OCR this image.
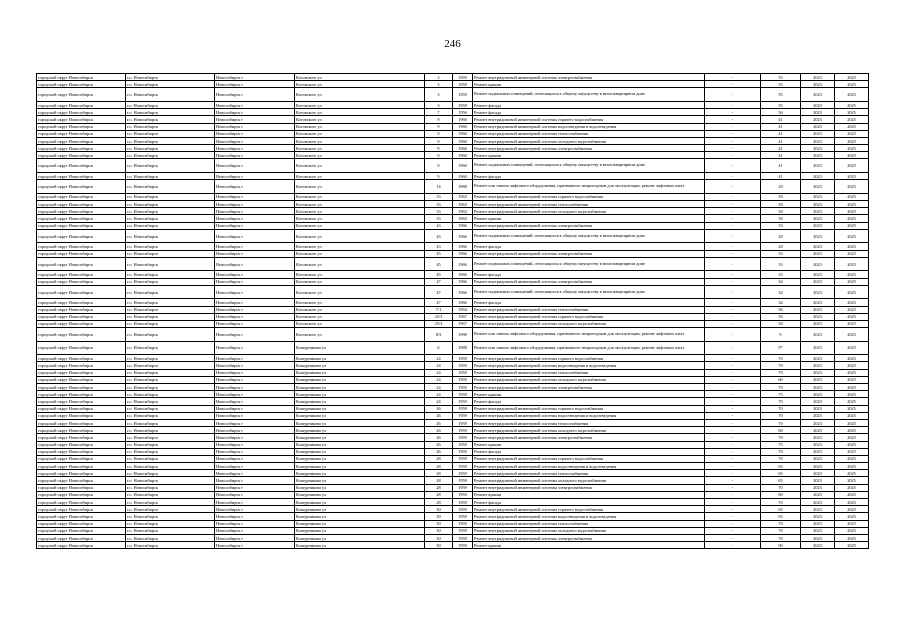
246
городской округ Новосибирск	г.о. Новосибирск	Новосибирск г	Котовского ул	3	1959	Ремонт внутридомовой инженерной системы электроснабжения	-	55	2023	2025
городской округ Новосибирск	г.о. Новосибирск	Новосибирск г	Котовского ул	3	1959	Ремонт крыши	-	55	2023	2025
городской округ Новосибирск	г.о. Новосибирск	Новосибирск г	Котовского ул	3	1959	Ремонт подвальных помещений, относящихся к общему имуществу в многоквартирном доме	-	55	2023	2025
городской округ Новосибирск	г.о. Новосибирск	Новосибирск г	Котовского ул	3	1959	Ремонт фасада	-	55	2023	2025
городской округ Новосибирск	г.о. Новосибирск	Новосибирск г	Котовского ул	7	1956	Ремонт фасада	-	56	2023	2025
городской округ Новосибирск	г.о. Новосибирск	Новосибирск г	Котовского ул	9	1960	Ремонт внутридомовой инженерной системы горячего водоснабжения	-	41	2023	2025
городской округ Новосибирск	г.о. Новосибирск	Новосибирск г	Котовского ул	9	1960	Ремонт внутридомовой инженерной системы водоотведения и водоотведения	-	41	2023	2025
городской округ Новосибирск	г.о. Новосибирск	Новосибирск г	Котовского ул	9	1960	Ремонт внутридомовой инженерной системы теплоснабжения	-	41	2023	2025
городской округ Новосибирск	г.о. Новосибирск	Новосибирск г	Котовского ул	9	1960	Ремонт внутридомовой инженерной системы холодного водоснабжения	-	41	2023	2025
городской округ Новосибирск	г.о. Новосибирск	Новосибирск г	Котовского ул	9	1960	Ремонт внутридомовой инженерной системы электроснабжения	-	41	2023	2025
городской округ Новосибирск	г.о. Новосибирск	Новосибирск г	Котовского ул	9	1960	Ремонт крыши	-	41	2023	2025
городской округ Новосибирск	г.о. Новосибирск	Новосибирск г	Котовского ул	9	1960	Ремонт подвальных помещений, относящихся к общему имуществу в многоквартирном доме	-	41	2023	2025
городской округ Новосибирск	г.о. Новосибирск	Новосибирск г	Котовского ул	9	1960	Ремонт фасада	-	41	2023	2025
городской округ Новосибирск	г.о. Новосибирск	Новосибирск г	Котовского ул	14	1988	Ремонт или замена лифтового оборудования, признанного непригодным для эксплуатации, ремонт лифтовых шахт	-	20	2023	2025
городской округ Новосибирск	г.о. Новосибирск	Новосибирск г	Котовского ул	33	1963	Ремонт внутридомовой инженерной системы горячего водоснабжения	-	30	2023	2025
городской округ Новосибирск	г.о. Новосибирск	Новосибирск г	Котовского ул	33	1963	Ремонт внутридомовой инженерной системы теплоснабжения	-	30	2023	2025
городской округ Новосибирск	г.о. Новосибирск	Новосибирск г	Котовского ул	33	1963	Ремонт внутридомовой инженерной системы холодного водоснабжения	-	30	2023	2025
городской округ Новосибирск	г.о. Новосибирск	Новосибирск г	Котовского ул	33	1963	Ремонт крыши	-	30	2023	2025
городской округ Новосибирск	г.о. Новосибирск	Новосибирск г	Котовского ул	43	1966	Ремонт внутридомовой инженерной системы электроснабжения	-	33	2023	2025
городской округ Новосибирск	г.о. Новосибирск	Новосибирск г	Котовского ул	43	1966	Ремонт подвальных помещений, относящихся к общему имуществу в многоквартирном доме	-	28	2023	2025
городской округ Новосибирск	г.о. Новосибирск	Новосибирск г	Котовского ул	43	1966	Ремонт фасада	-	20	2023	2025
городской округ Новосибирск	г.о. Новосибирск	Новосибирск г	Котовского ул	45	1966	Ремонт внутридомовой инженерной системы электроснабжения	-	33	2023	2025
городской округ Новосибирск	г.о. Новосибирск	Новосибирск г	Котовского ул	45	1966	Ремонт подвальных помещений, относящихся к общему имуществу в многоквартирном доме	-	33	2023	2025
городской округ Новосибирск	г.о. Новосибирск	Новосибирск г	Котовского ул	45	1966	Ремонт фасада	-	33	2023	2025
городской округ Новосибирск	г.о. Новосибирск	Новосибирск г	Котовского ул	47	1966	Ремонт внутридомовой инженерной системы электроснабжения	-	34	2023	2025
городской округ Новосибирск	г.о. Новосибирск	Новосибирск г	Котовского ул	47	1966	Ремонт подвальных помещений, относящихся к общему имуществу в многоквартирном доме	-	34	2023	2025
городской округ Новосибирск	г.о. Новосибирск	Новосибирск г	Котовского ул	47	1966	Ремонт фасада	-	34	2023	2025
городской округ Новосибирск	г.о. Новосибирск	Новосибирск г	Котовского ул	7/1	1954	Ремонт внутридомовой инженерной системы теплоснабжения	-	56	2023	2025
городской округ Новосибирск	г.о. Новосибирск	Новосибирск г	Котовского ул	25/3	1967	Ремонт внутридомовой инженерной системы горячего водоснабжения	-	50	2023	2025
городской округ Новосибирск	г.о. Новосибирск	Новосибирск г	Котовского ул	25/3	1967	Ремонт внутридомовой инженерной системы холодного водоснабжения	-	50	2023	2025
городской округ Новосибирск	г.о. Новосибирск	Новосибирск г	Котовского ул	8/3	1990	Ремонт или замена лифтового оборудования, признанного непригодным для эксплуатации, ремонт лифтовых шахт	-	9	2023	2025
городской округ Новосибирск	г.о. Новосибирск	Новосибирск г	Кошурникова ул	6	1988	Ремонт или замена лифтового оборудования, признанного непригодным для эксплуатации, ремонт лифтовых шахт	-	9*	2023	2025
городской округ Новосибирск	г.о. Новосибирск	Новосибирск г	Кошурникова ул	24	1959	Ремонт внутридомовой инженерной системы горячего водоснабжения	-	70	2023	2025
городской округ Новосибирск	г.о. Новосибирск	Новосибирск г	Кошурникова ул	24	1959	Ремонт внутридомовой инженерной системы водоотведения и водоотведения	-	70	2023	2025
городской округ Новосибирск	г.о. Новосибирск	Новосибирск г	Кошурникова ул	24	1959	Ремонт внутридомовой инженерной системы теплоснабжения	-	70	2023	2025
городской округ Новосибирск	г.о. Новосибирск	Новосибирск г	Кошурникова ул	24	1959	Ремонт внутридомовой инженерной системы холодного водоснабжения	-	60	2023	2025
городской округ Новосибирск	г.о. Новосибирск	Новосибирск г	Кошурникова ул	24	1959	Ремонт внутридомовой инженерной системы электроснабжения	-	70	2023	2025
городской округ Новосибирск	г.о. Новосибирск	Новосибирск г	Кошурникова ул	24	1959	Ремонт крыши	-	75	2023	2025
городской округ Новосибирск	г.о. Новосибирск	Новосибирск г	Кошурникова ул	24	1959	Ремонт фасада	-	70	2023	2025
городской округ Новосибирск	г.о. Новосибирск	Новосибирск г	Кошурникова ул	26	1959	Ремонт внутридомовой инженерной системы горячего водоснабжения	-	70	2023	2025
городской округ Новосибирск	г.о. Новосибирск	Новосибирск г	Кошурникова ул	26	1959	Ремонт внутридомовой инженерной системы водоотведения и водоотведения	-	70	2023	2025
городской округ Новосибирск	г.о. Новосибирск	Новосибирск г	Кошурникова ул	26	1959	Ремонт внутридомовой инженерной системы теплоснабжения	-	70	2023	2025
городской округ Новосибирск	г.о. Новосибирск	Новосибирск г	Кошурникова ул	26	1959	Ремонт внутридомовой инженерной системы холодного водоснабжения	-	60	2023	2025
городской округ Новосибирск	г.о. Новосибирск	Новосибирск г	Кошурникова ул	26	1959	Ремонт внутридомовой инженерной системы электроснабжения	-	70	2023	2025
городской округ Новосибирск	г.о. Новосибирск	Новосибирск г	Кошурникова ул	26	1959	Ремонт крыши	-	75	2023	2025
городской округ Новосибирск	г.о. Новосибирск	Новосибирск г	Кошурникова ул	26	1959	Ремонт фасада	-	70	2023	2025
городской округ Новосибирск	г.о. Новосибирск	Новосибирск г	Кошурникова ул	28	1959	Ремонт внутридомовой инженерной системы горячего водоснабжения	-	70	2023	2025
городской округ Новосибирск	г.о. Новосибирск	Новосибирск г	Кошурникова ул	28	1959	Ремонт внутридомовой инженерной системы водоотведения и водоотведения	-	65	2023	2025
городской округ Новосибирск	г.о. Новосибирск	Новосибирск г	Кошурникова ул	28	1959	Ремонт внутридомовой инженерной системы теплоснабжения	-	65	2023	2025
городской округ Новосибирск	г.о. Новосибирск	Новосибирск г	Кошурникова ул	28	1959	Ремонт внутридомовой инженерной системы холодного водоснабжения	-	65	2023	2025
городской округ Новосибирск	г.о. Новосибирск	Новосибирск г	Кошурникова ул	28	1959	Ремонт внутридомовой инженерной системы электроснабжения	-	70	2023	2025
городской округ Новосибирск	г.о. Новосибирск	Новосибирск г	Кошурникова ул	28	1959	Ремонт крыши	-	80	2023	2025
городской округ Новосибирск	г.о. Новосибирск	Новосибирск г	Кошурникова ул	28	1959	Ремонт фасада	-	70	2023	2025
городской округ Новосибирск	г.о. Новосибирск	Новосибирск г	Кошурникова ул	30	1959	Ремонт внутридомовой инженерной системы горячего водоснабжения	-	65	2023	2025
городской округ Новосибирск	г.о. Новосибирск	Новосибирск г	Кошурникова ул	30	1959	Ремонт внутридомовой инженерной системы водоотведения и водоотведения	-	65	2023	2025
городской округ Новосибирск	г.о. Новосибирск	Новосибирск г	Кошурникова ул	30	1959	Ремонт внутридомовой инженерной системы теплоснабжения	-	70	2023	2025
городской округ Новосибирск	г.о. Новосибирск	Новосибирск г	Кошурникова ул	30	1959	Ремонт внутридомовой инженерной системы холодного водоснабжения	-	70	2023	2025
городской округ Новосибирск	г.о. Новосибирск	Новосибирск г	Кошурникова ул	30	1959	Ремонт внутридомовой инженерной системы электроснабжения	-	70	2023	2025
городской округ Новосибирск	г.о. Новосибирск	Новосибирск г	Кошурникова ул	30	1959	Ремонт крыши	-	90	2023	2025
